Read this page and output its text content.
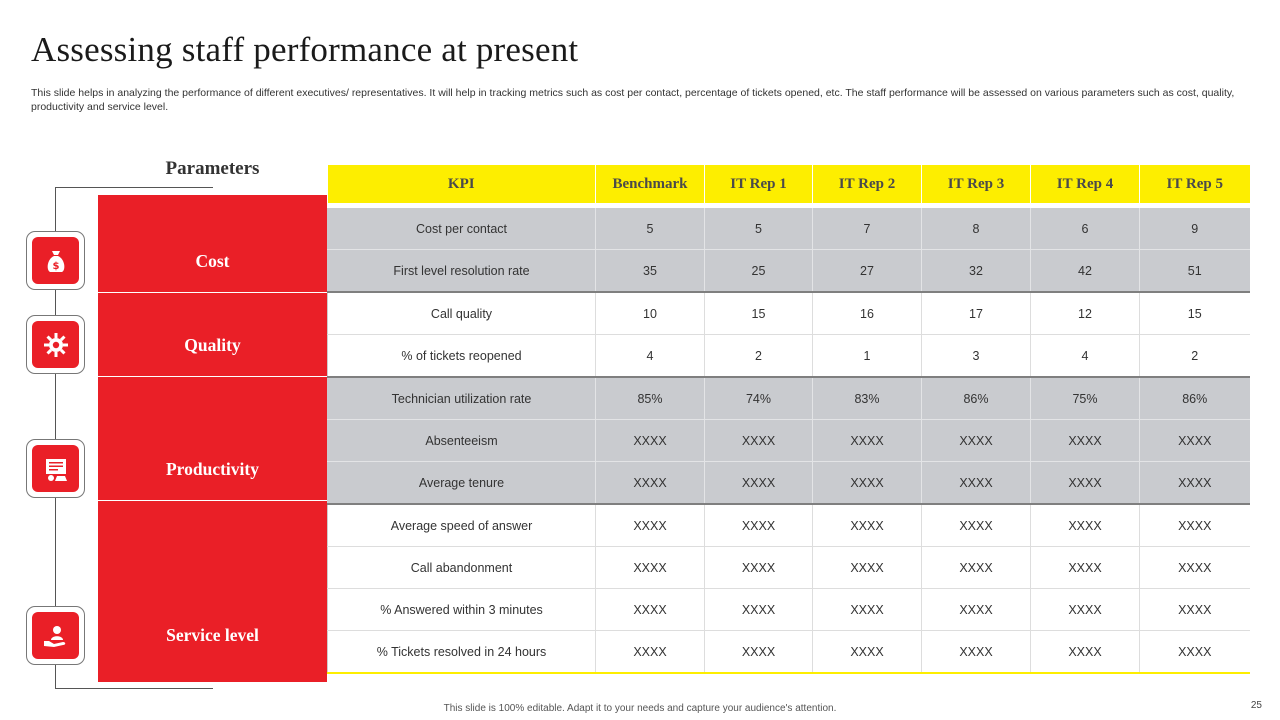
Assessing staff performance at present
This slide helps in analyzing the performance of different executives/ representatives. It will help in tracking metrics such as cost per contact, percentage of tickets opened, etc. The staff performance will be assessed on various parameters such as cost, quality, productivity and service level.
Parameters
Cost
Quality
Productivity
Service level
$
KPI	Benchmark	IT Rep 1	IT Rep 2	IT Rep 3	IT Rep 4	IT Rep 5
Cost per contact	5	5	7	8	6	9
First level resolution rate	35	25	27	32	42	51
Call quality	10	15	16	17	12	15
% of tickets reopened	4	2	1	3	4	2
Technician utilization rate	85%	74%	83%	86%	75%	86%
Absenteeism	XXXX	XXXX	XXXX	XXXX	XXXX	XXXX
Average tenure	XXXX	XXXX	XXXX	XXXX	XXXX	XXXX
Average speed of answer	XXXX	XXXX	XXXX	XXXX	XXXX	XXXX
Call abandonment	XXXX	XXXX	XXXX	XXXX	XXXX	XXXX
% Answered within 3 minutes	XXXX	XXXX	XXXX	XXXX	XXXX	XXXX
% Tickets resolved in 24 hours	XXXX	XXXX	XXXX	XXXX	XXXX	XXXX
This slide is 100% editable. Adapt it to your needs and capture your audience's attention.	25
